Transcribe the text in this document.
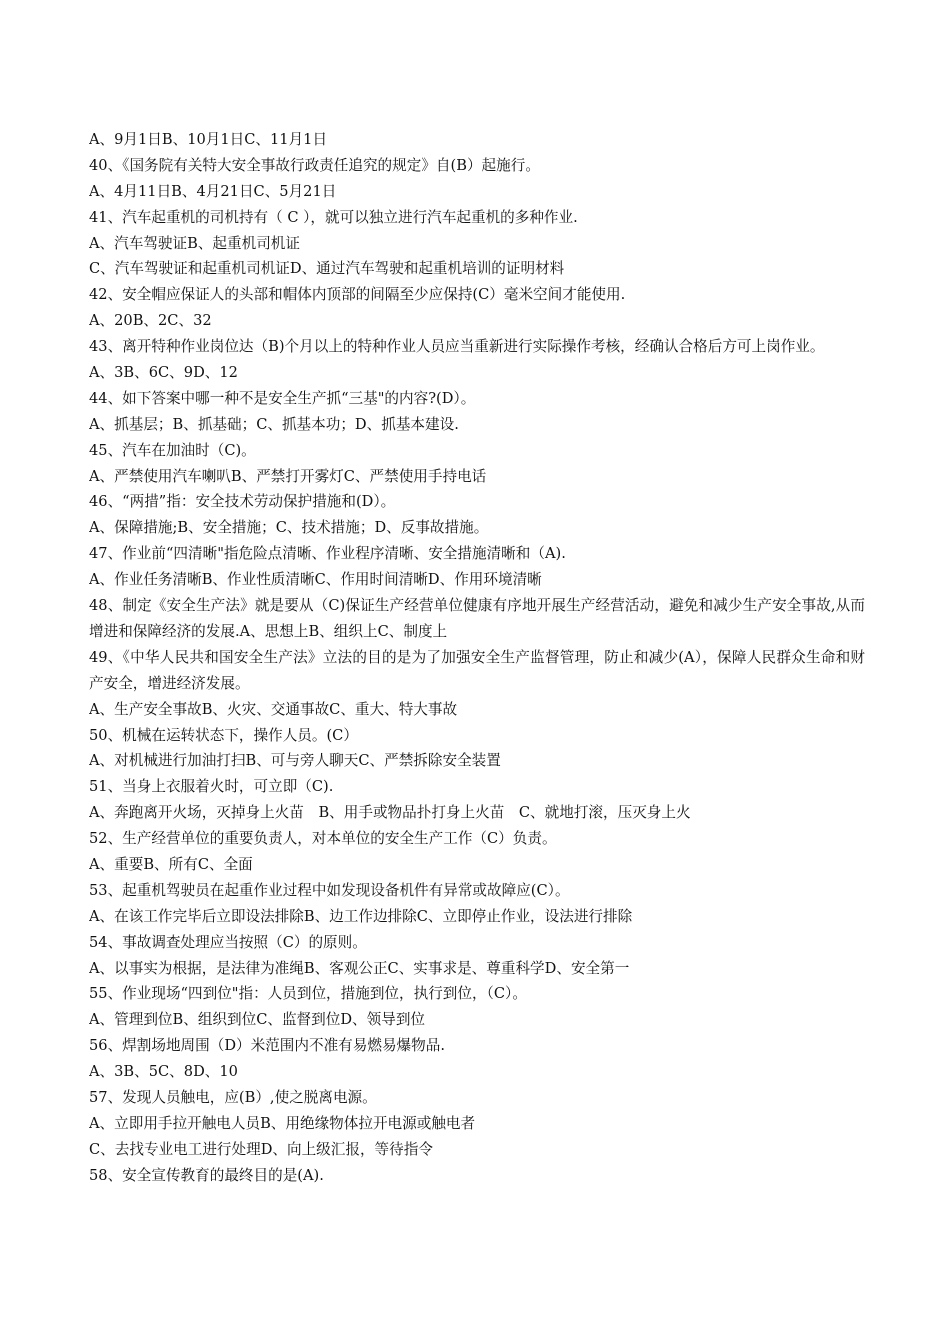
A、9月1日B、10月1日C、11月1日
40、《国务院有关特大安全事故行政责任追究的规定》自(B）起施行。
A、4月11日B、4月21日C、5月21日
41、汽车起重机的司机持有（ C ），就可以独立进行汽车起重机的多种作业.
A、汽车驾驶证B、起重机司机证
C、汽车驾驶证和起重机司机证D、通过汽车驾驶和起重机培训的证明材料
42、安全帽应保证人的头部和帽体内顶部的间隔至少应保持(C）毫米空间才能使用.
A、20B、2C、32
43、离开特种作业岗位达（B)个月以上的特种作业人员应当重新进行实际操作考核，经确认合格后方可上岗作业。
A、3B、6C、9D、12
44、如下答案中哪一种不是安全生产抓“三基"的内容?(D）。
A、抓基层；B、抓基础；C、抓基本功；D、抓基本建设.
45、汽车在加油时（C)。
A、严禁使用汽车喇叭B、严禁打开雾灯C、严禁使用手持电话
46、“两措”指：安全技术劳动保护措施和(D）。
A、保障措施;B、安全措施；C、技术措施；D、反事故措施。
47、作业前“四清晰"指危险点清晰、作业程序清晰、安全措施清晰和（A).
A、作业任务清晰B、作业性质清晰C、作用时间清晰D、作用环境清晰
48、制定《安全生产法》就是要从（C)保证生产经营单位健康有序地开展生产经营活动，避免和减少生产安全事故,从而增进和保障经济的发展.A、思想上B、组织上C、制度上
49、《中华人民共和国安全生产法》立法的目的是为了加强安全生产监督管理，防止和减少(A），保障人民群众生命和财产安全，增进经济发展。
A、生产安全事故B、火灾、交通事故C、重大、特大事故
50、机械在运转状态下，操作人员。(C）
A、对机械进行加油打扫B、可与旁人聊天C、严禁拆除安全装置
51、当身上衣服着火时，可立即（C).
A、奔跑离开火场，灭掉身上火苗　B、用手或物品扑打身上火苗　C、就地打滚，压灭身上火
52、生产经营单位的重要负责人，对本单位的安全生产工作（C）负责。
A、重要B、所有C、全面
53、起重机驾驶员在起重作业过程中如发现设备机件有异常或故障应(C）。
A、在该工作完毕后立即设法排除B、边工作边排除C、立即停止作业，设法进行排除
54、事故调查处理应当按照（C）的原则。
A、以事实为根据，是法律为准绳B、客观公正C、实事求是、尊重科学D、安全第一
55、作业现场“四到位"指：人员到位，措施到位，执行到位，（C）。
A、管理到位B、组织到位C、监督到位D、领导到位
56、焊割场地周围（D）米范围内不准有易燃易爆物品.
A、3B、5C、8D、10
57、发现人员触电，应(B）,使之脱离电源。
A、立即用手拉开触电人员B、用绝缘物体拉开电源或触电者
C、去找专业电工进行处理D、向上级汇报，等待指令
58、安全宣传教育的最终目的是(A).
